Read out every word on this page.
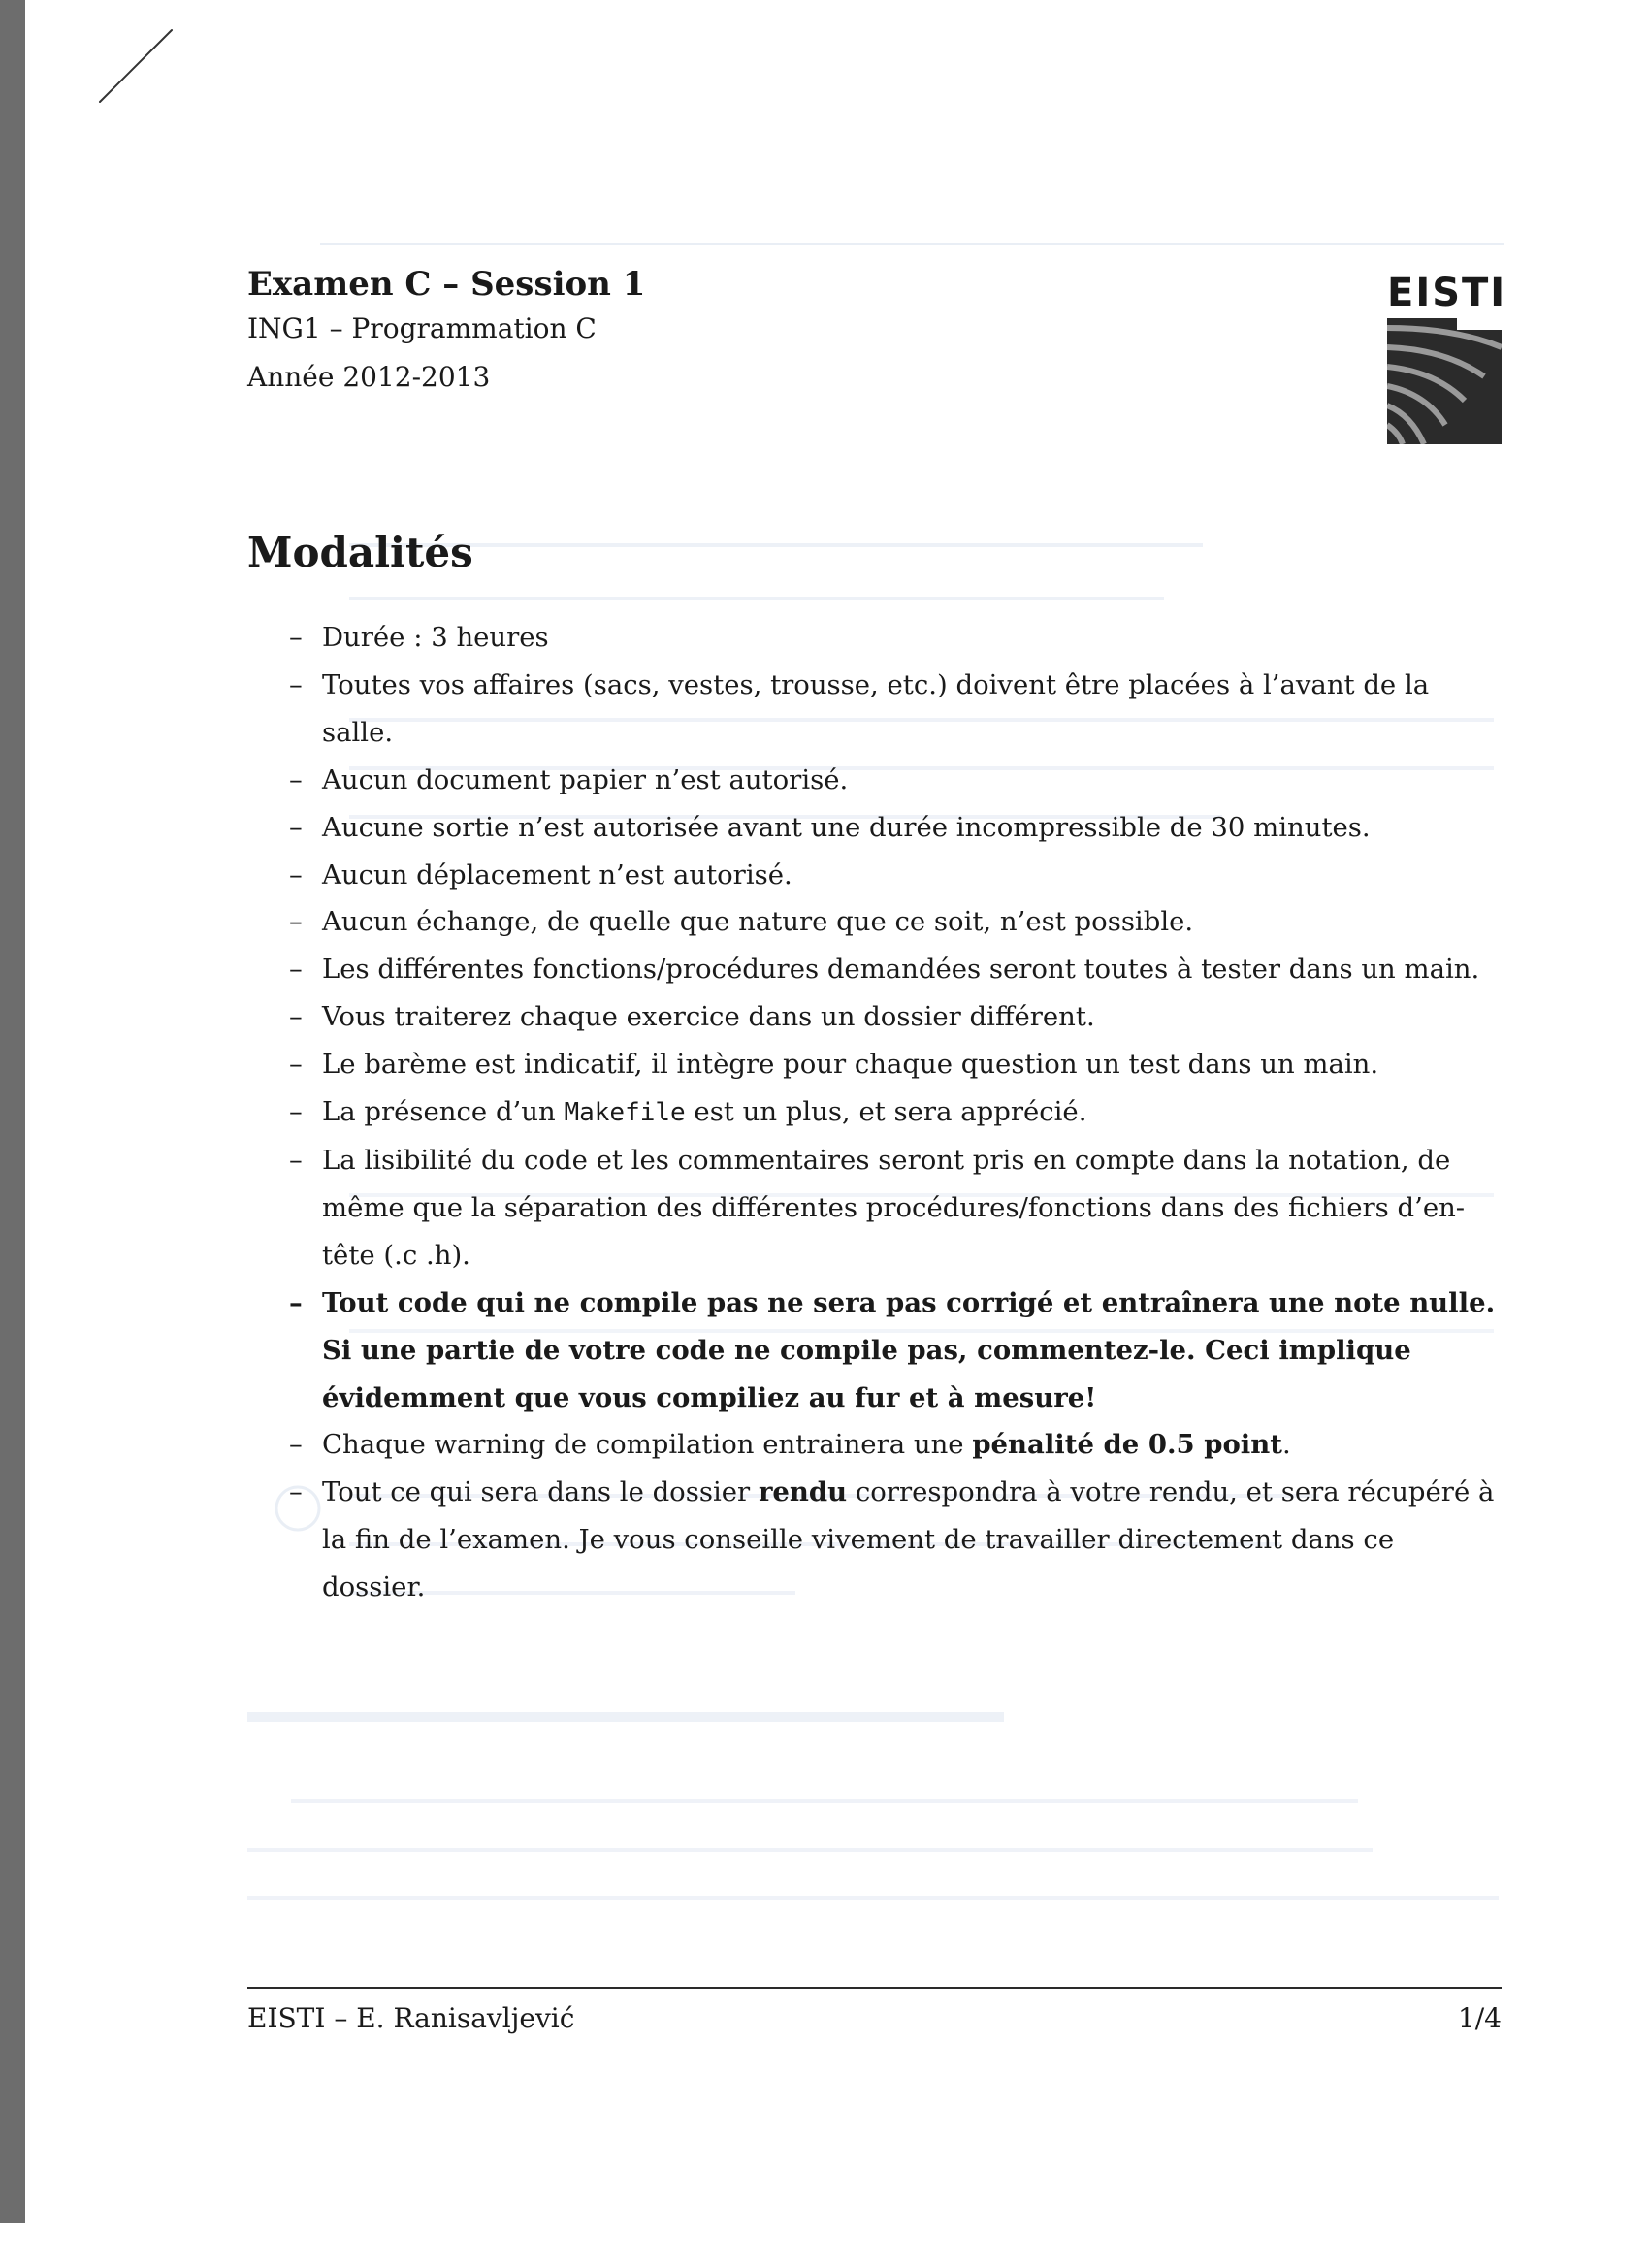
Examen C – Session 1

ING1 – Programmation C

Année 2012-2013

EISTI
Modalités
– Durée : 3 heures
– Toutes vos affaires (sacs, vestes, trousse, etc.) doivent être placées à l’avant de la salle.
– Aucun document papier n’est autorisé.
– Aucune sortie n’est autorisée avant une durée incompressible de 30 minutes.
– Aucun déplacement n’est autorisé.
– Aucun échange, de quelle que nature que ce soit, n’est possible.
– Les différentes fonctions/procédures demandées seront toutes à tester dans un main.
– Vous traiterez chaque exercice dans un dossier différent.
– Le barème est indicatif, il intègre pour chaque question un test dans un main.
– La présence d’un Makefile est un plus, et sera apprécié.
– La lisibilité du code et les commentaires seront pris en compte dans la notation, de même que la séparation des différentes procédures/fonctions dans des fichiers d’en-tête (.c .h).
– Tout code qui ne compile pas ne sera pas corrigé et entraînera une note nulle. Si une partie de votre code ne compile pas, commentez-le. Ceci implique évidemment que vous compiliez au fur et à mesure!
– Chaque warning de compilation entrainera une pénalité de 0.5 point.
– Tout ce qui sera dans le dossier rendu correspondra à votre rendu, et sera récupéré à la fin de l’examen. Je vous conseille vivement de travailler directement dans ce dossier.
EISTI – E. Ranisavljević	1/4
